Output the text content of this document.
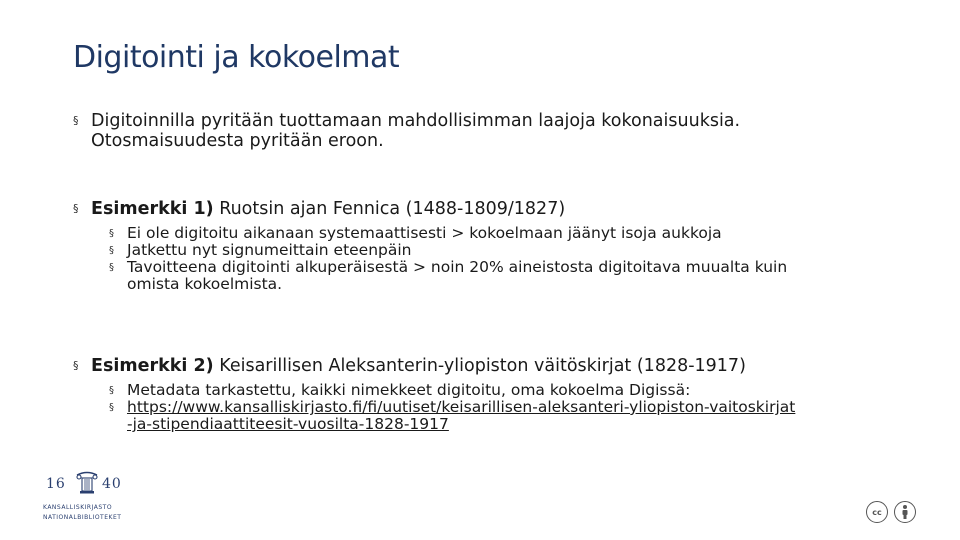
Digitointi ja kokoelmat
§ Digitoinnilla pyritään tuottamaan mahdollisimman laajoja kokonaisuuksia.
Otosmaisuudesta pyritään eroon.
§ Esimerkki 1) Ruotsin ajan Fennica (1488-1809/1827)
§ Ei ole digitoitu aikanaan systemaattisesti > kokoelmaan jäänyt isoja aukkoja
§ Jatkettu nyt signumeittain eteenpäin
§ Tavoitteena digitointi alkuperäisestä > noin 20% aineistosta digitoitava muualta kuin
omista kokoelmista.
§ Esimerkki 2) Keisarillisen Aleksanterin-yliopiston väitöskirjat (1828-1917)
§ Metadata tarkastettu, kaikki nimekkeet digitoitu, oma kokoelma Digissä:
§ https://www.kansalliskirjasto.fi/fi/uutiset/keisarillisen-aleksanteri-yliopiston-vaitoskirjat
-ja-stipendiaattiteesit-vuosilta-1828-1917
16	40
KANSALLISKIRJASTO
NATIONALBIBLIOTEKET
cc
